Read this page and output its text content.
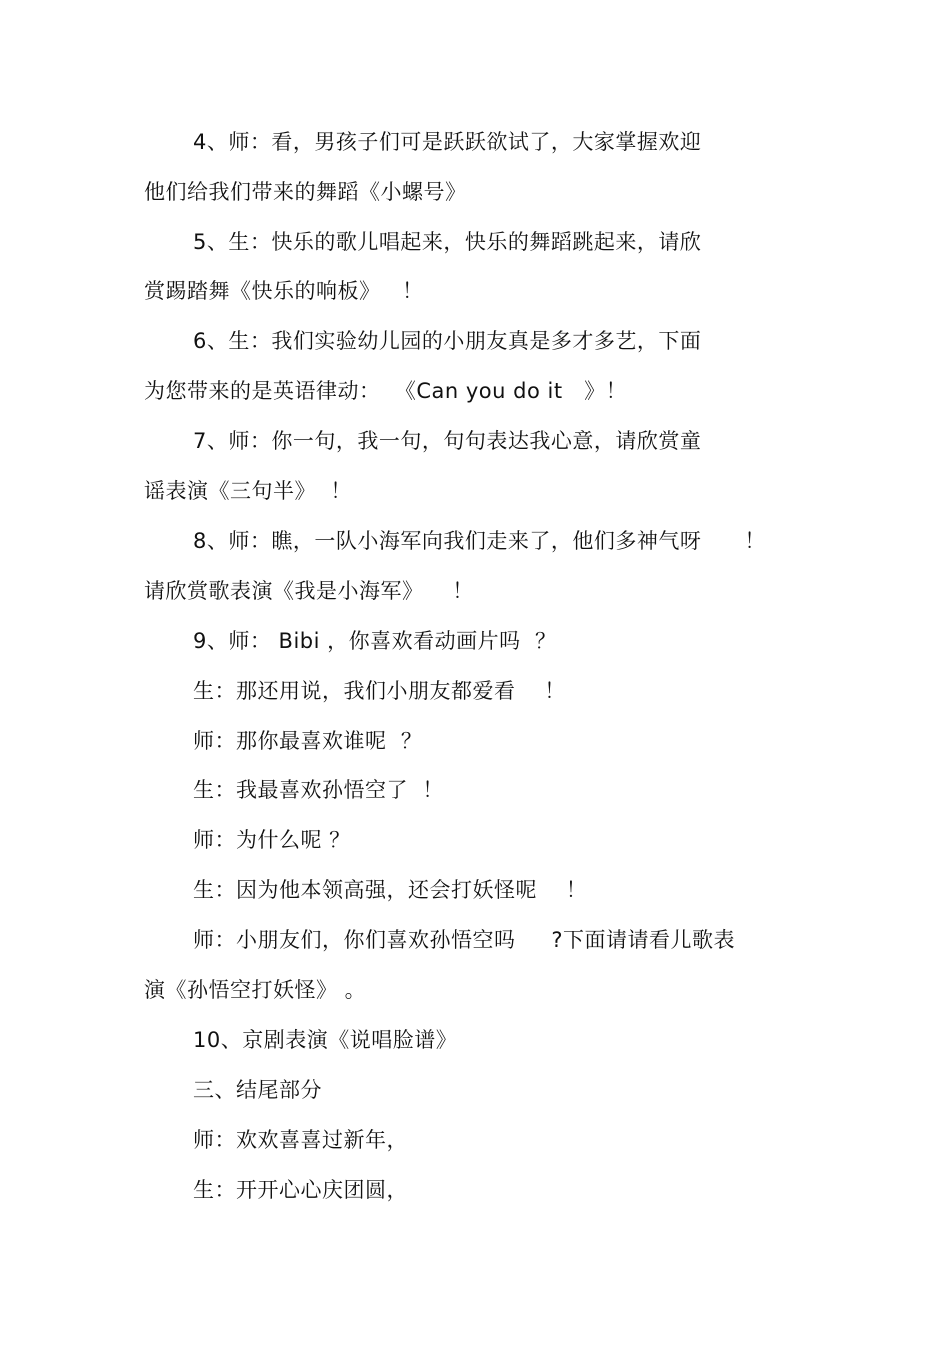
4、师：看，男孩子们可是跃跃欲试了，大家掌握欢迎
他们给我们带来的舞蹈《小螺号》
5、生：快乐的歌儿唱起来，快乐的舞蹈跳起来，请欣
赏踢踏舞《快乐的响板》   ！
6、生：我们实验幼儿园的小朋友真是多才多艺，下面
为您带来的是英语律动：  《Can you do it   》！
7、师：你一句，我一句，句句表达我心意，请欣赏童
谣表演《三句半》  ！
8、师：瞧，一队小海军向我们走来了，他们多神气呀      ！
请欣赏歌表演《我是小海军》    ！
9、师： Bibi ，你喜欢看动画片吗  ？
生：那还用说，我们小朋友都爱看    ！
师：那你最喜欢谁呢  ？
生：我最喜欢孙悟空了  ！
师：为什么呢 ？
生：因为他本领高强，还会打妖怪呢    ！
师：小朋友们，你们喜欢孙悟空吗     ?下面请请看儿歌表
演《孙悟空打妖怪》 。
10、京剧表演《说唱脸谱》
三、结尾部分
师：欢欢喜喜过新年，
生：开开心心庆团圆，
